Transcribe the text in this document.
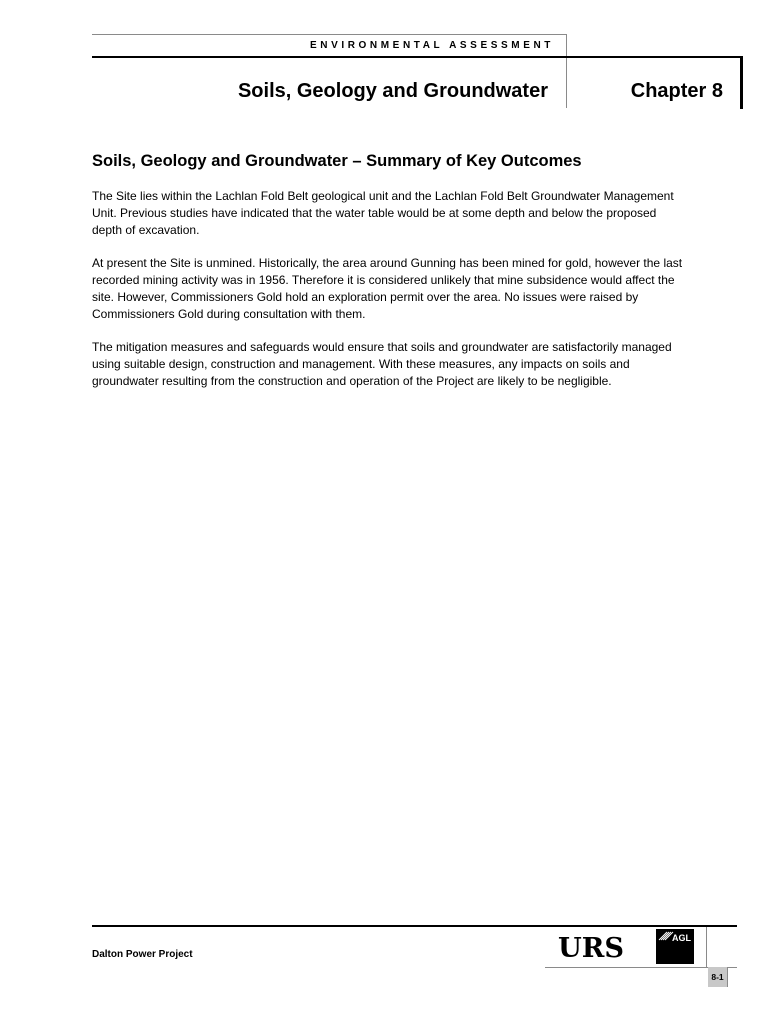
ENVIRONMENTAL ASSESSMENT
Soils, Geology and Groundwater	Chapter 8
Soils, Geology and Groundwater – Summary of Key Outcomes

The Site lies within the Lachlan Fold Belt geological unit and the Lachlan Fold Belt Groundwater Management Unit. Previous studies have indicated that the water table would be at some depth and below the proposed depth of excavation.

At present the Site is unmined. Historically, the area around Gunning has been mined for gold, however the last recorded mining activity was in 1956. Therefore it is considered unlikely that mine subsidence would affect the site. However, Commissioners Gold hold an exploration permit over the area. No issues were raised by Commissioners Gold during consultation with them.

The mitigation measures and safeguards would ensure that soils and groundwater are satisfactorily managed using suitable design, construction and management. With these measures, any impacts on soils and groundwater resulting from the construction and operation of the Project are likely to be negligible.

Dalton Power Project	URS	AGL
8-1
